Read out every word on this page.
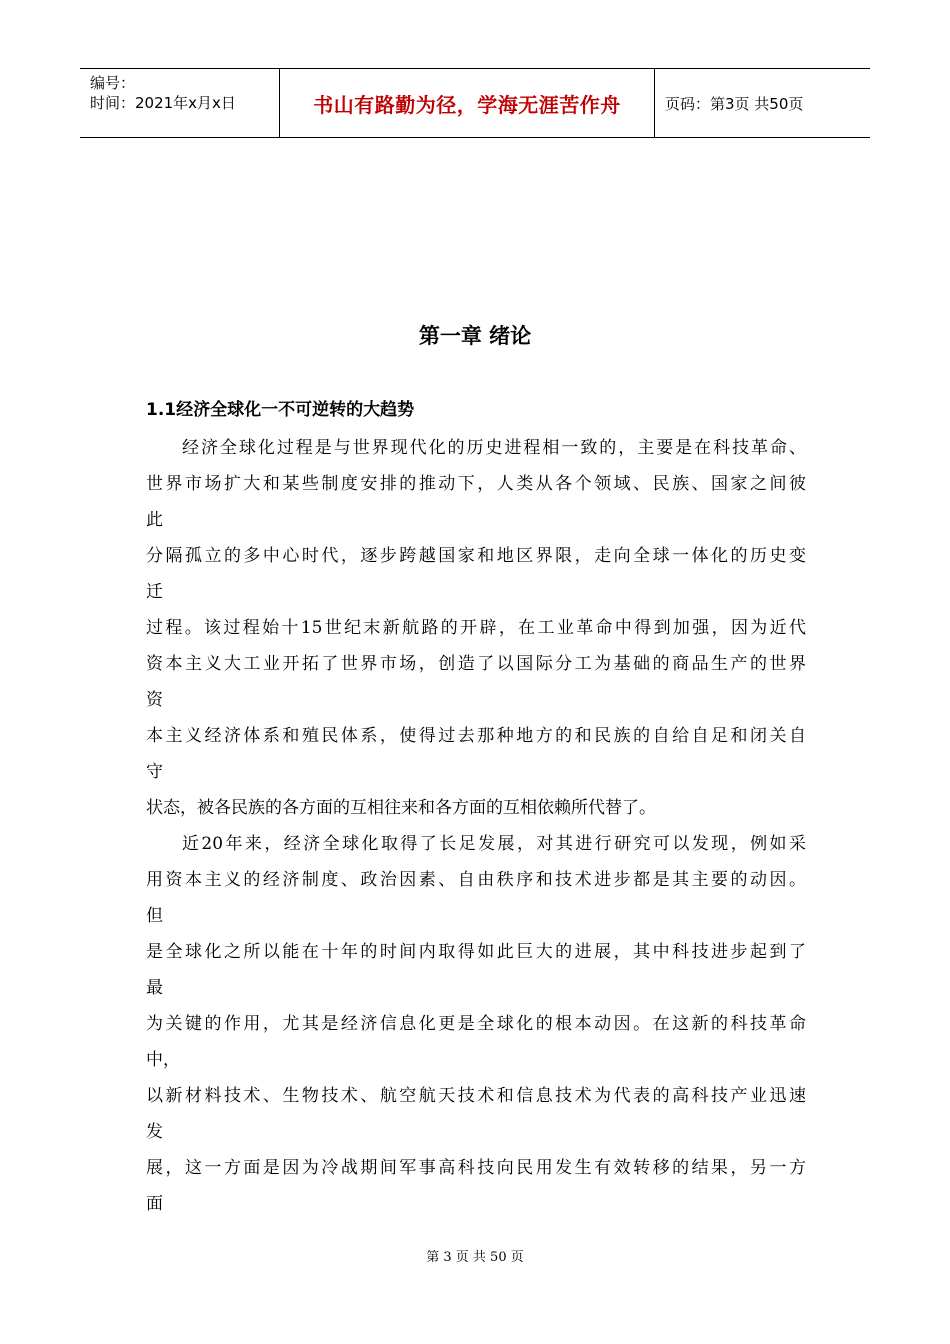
编号：
时间：2021年x月x日	书山有路勤为径，学海无涯苦作舟	页码：第3页 共50页
第一章 绪论
1.1经济全球化一不可逆转的大趋势
经济全球化过程是与世界现代化的历史进程相一致的，主要是在科技革命、
世界市场扩大和某些制度安排的推动下，人类从各个领域、民族、国家之间彼
此
分隔孤立的多中心时代，逐步跨越国家和地区界限，走向全球一体化的历史变
迁
过程。该过程始十15世纪末新航路的开辟，在工业革命中得到加强，因为近代
资本主义大工业开拓了世界市场，创造了以国际分工为基础的商品生产的世界
资
本主义经济体系和殖民体系，使得过去那种地方的和民族的自给自足和闭关自
守
状态，被各民族的各方面的互相往来和各方面的互相依赖所代替了。
近20年来，经济全球化取得了长足发展，对其进行研究可以发现，例如采
用资本主义的经济制度、政治因素、自由秩序和技术进步都是其主要的动因。
但
是全球化之所以能在十年的时间内取得如此巨大的进展，其中科技进步起到了
最
为关键的作用，尤其是经济信息化更是全球化的根本动因。在这新的科技革命
中，
以新材料技术、生物技术、航空航天技术和信息技术为代表的高科技产业迅速
发
展，这一方面是因为冷战期间军事高科技向民用发生有效转移的结果，另一方
面
第 3 页 共 50 页
